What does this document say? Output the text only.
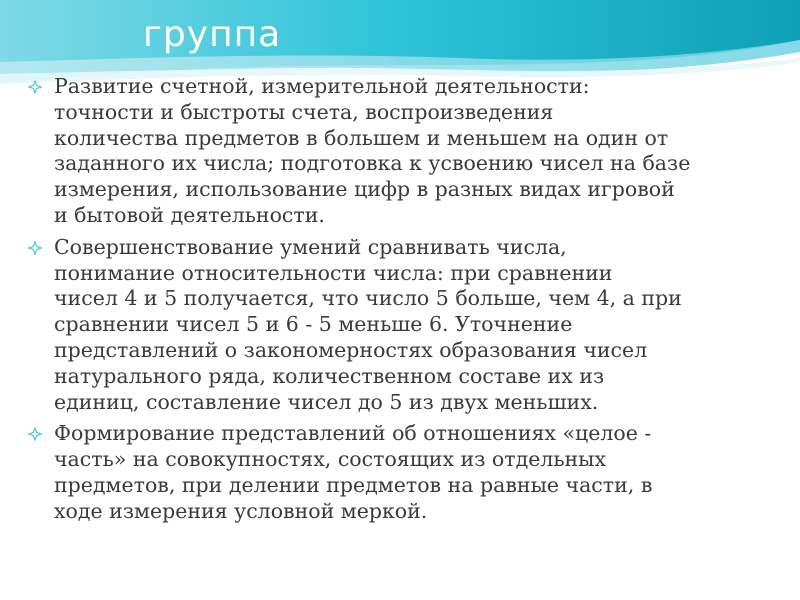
группа
Развитие счетной, измерительной деятельности:
точности и быстроты счета, воспроизведения
количества предметов в большем и меньшем на один от
заданного их числа; подготовка к усвоению чисел на базе
измерения, использование цифр в разных видах игровой
и бытовой деятельности.
Совершенствование умений сравнивать числа,
понимание относительности числа: при сравнении
чисел 4 и 5 получается, что число 5 больше, чем 4, а при
сравнении чисел 5 и 6 - 5 меньше 6. Уточнение
представлений о закономерностях образования чисел
натурального ряда, количественном составе их из
единиц, составление чисел до 5 из двух меньших.
Формирование представлений об отношениях «целое -
часть» на совокупностях, состоящих из отдельных
предметов, при делении предметов на равные части, в
ходе измерения условной меркой.
